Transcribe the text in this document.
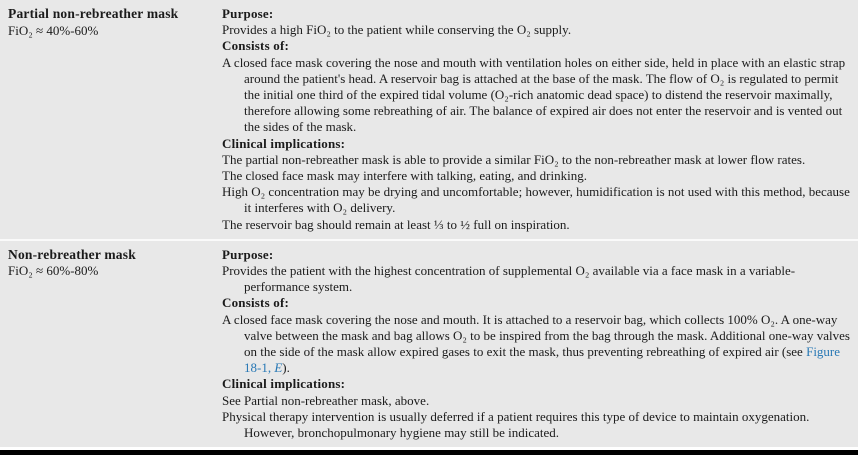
Partial non-rebreather mask
FiO₂ ≈ 40%-60%
Purpose:

Provides a high FiO₂ to the patient while conserving the O₂ supply.

Consists of:

A closed face mask covering the nose and mouth with ventilation holes on either side, held in place with an elastic strap around the patient's head. A reservoir bag is attached at the base of the mask. The flow of O₂ is regulated to permit the initial one third of the expired tidal volume (O₂-rich anatomic dead space) to distend the reservoir maximally, therefore allowing some rebreathing of air. The balance of expired air does not enter the reservoir and is vented out the sides of the mask.

Clinical implications:

The partial non-rebreather mask is able to provide a similar FiO₂ to the non-rebreather mask at lower flow rates.

The closed face mask may interfere with talking, eating, and drinking.

High O₂ concentration may be drying and uncomfortable; however, humidification is not used with this method, because it interferes with O₂ delivery.

The reservoir bag should remain at least ⅓ to ½ full on inspiration.

Non-rebreather mask
FiO₂ ≈ 60%-80%
Purpose:

Provides the patient with the highest concentration of supplemental O₂ available via a face mask in a variable-performance system.

Consists of:

A closed face mask covering the nose and mouth. It is attached to a reservoir bag, which collects 100% O₂. A one-way valve between the mask and bag allows O₂ to be inspired from the bag through the mask. Additional one-way valves on the side of the mask allow expired gases to exit the mask, thus preventing rebreathing of expired air (see Figure 18-1, E).

Clinical implications:

See Partial non-rebreather mask, above.

Physical therapy intervention is usually deferred if a patient requires this type of device to maintain oxygenation. However, bronchopulmonary hygiene may still be indicated.
